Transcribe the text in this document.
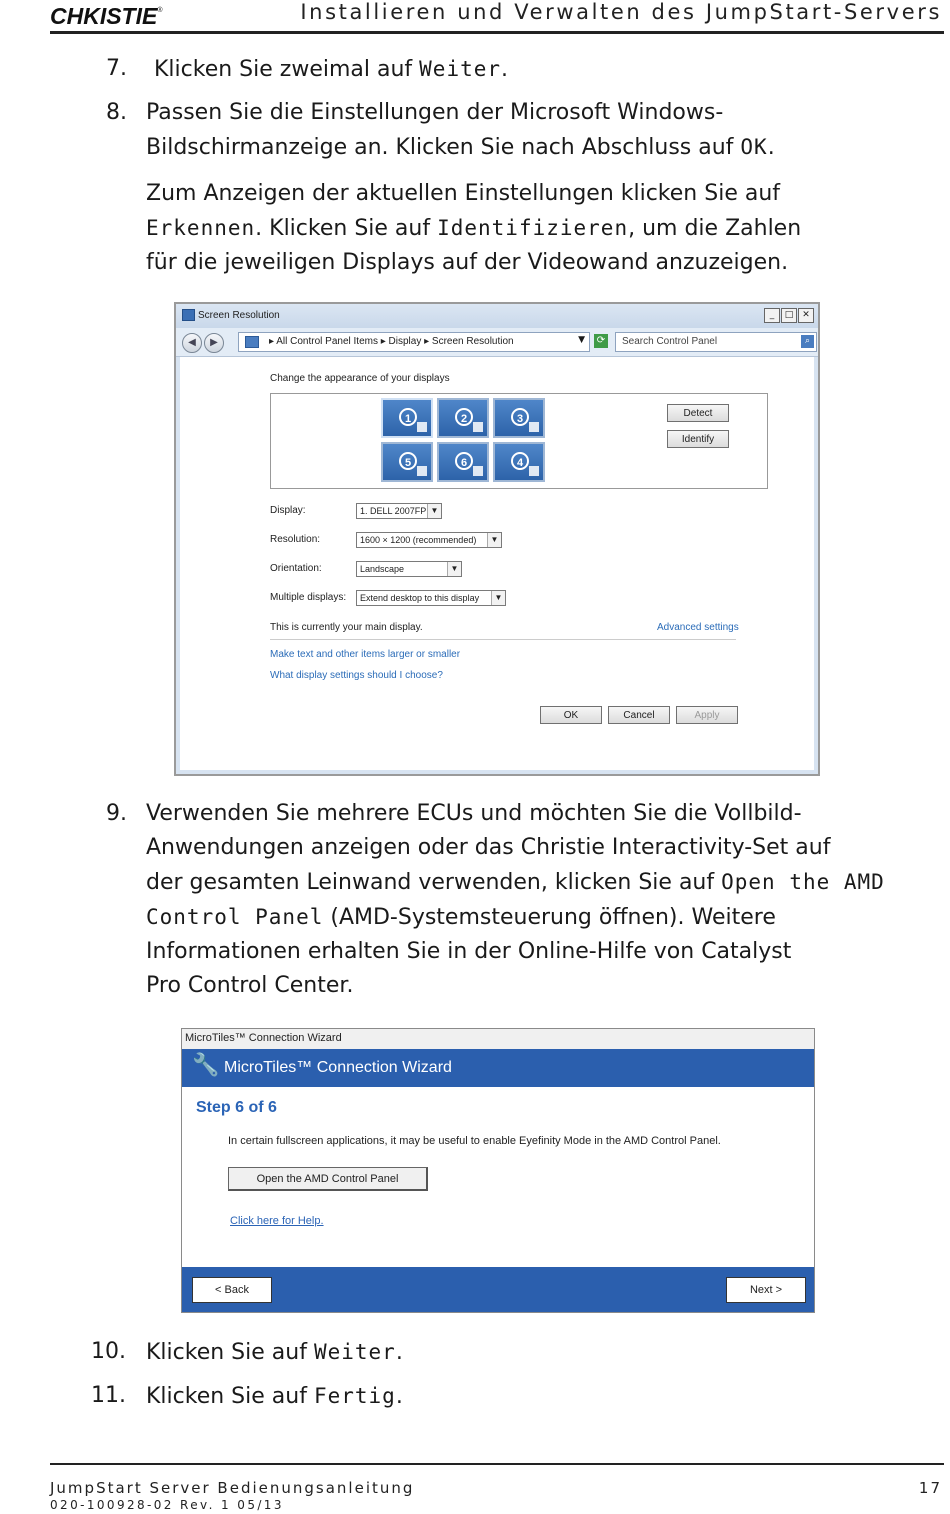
CHKISTIE®	Installieren und Verwalten des JumpStart-Servers
7. Klicken Sie zweimal auf Weiter.
8. Passen Sie die Einstellungen der Microsoft Windows-
Bildschirmanzeige an. Klicken Sie nach Abschluss auf OK.
Zum Anzeigen der aktuellen Einstellungen klicken Sie auf
Erkennen. Klicken Sie auf Identifizieren, um die Zahlen
für die jeweiligen Displays auf der Videowand anzuzeigen.
Screen Resolution	_	□ ✕
◀	▶	▸ All Control Panel Items ▸ Display ▸ Screen Resolution	▼ ⟳ Search Control Panel	⌕
Change the appearance of your displays
1	2	3
5	6	4
Detect
Identify
Display:	1. DELL 2007FP ▼
Resolution:	1600 × 1200 (recommended)	▼
Orientation:	Landscape	▼
Multiple displays:	Extend desktop to this display	▼
This is currently your main display.	Advanced settings
Make text and other items larger or smaller
What display settings should I choose?
OK	Cancel	Apply
9. Verwenden Sie mehrere ECUs und möchten Sie die Vollbild-
Anwendungen anzeigen oder das Christie Interactivity-Set auf
der gesamten Leinwand verwenden, klicken Sie auf Open the AMD
Control Panel (AMD-Systemsteuerung öffnen). Weitere
Informationen erhalten Sie in der Online-Hilfe von Catalyst
Pro Control Center.
MicroTiles™ Connection Wizard
🔧 MicroTiles™ Connection Wizard
Step 6 of 6
In certain fullscreen applications, it may be useful to enable Eyefinity Mode in the AMD Control Panel.
Open the AMD Control Panel
Click here for Help.
< Back	Next >
10. Klicken Sie auf Weiter.
11. Klicken Sie auf Fertig.
JumpStart Server Bedienungsanleitung
020-100928-02 Rev. 1 05/13
17
